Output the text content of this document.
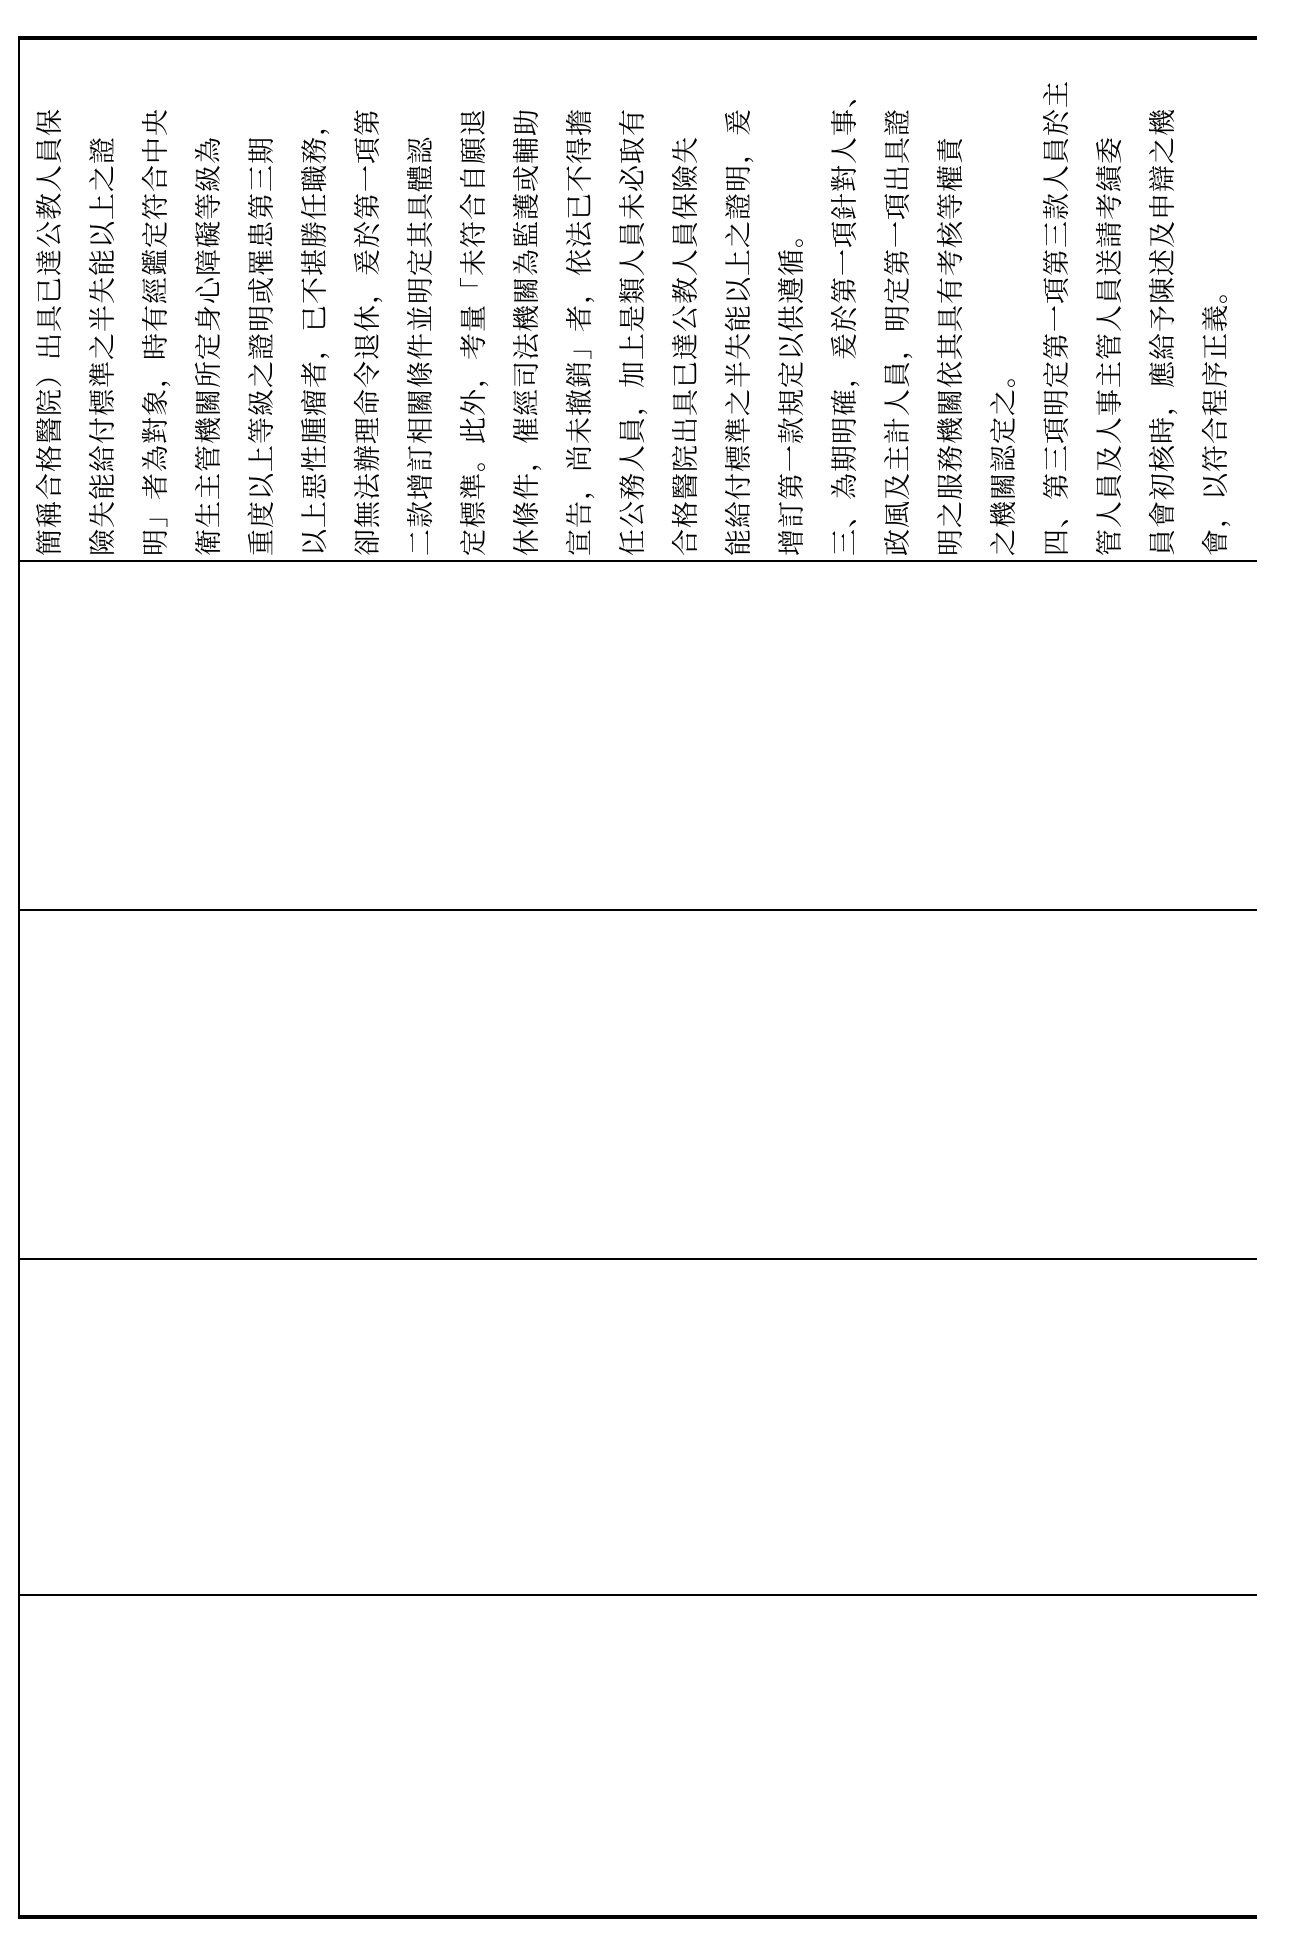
簡稱合格醫院）出具已達公教人員保 險失能給付標準之半失能以上之證 明」者為對象，時有經鑑定符合中央 衛生主管機關所定身心障礙等級為 重度以上等級之證明或罹患第三期 以上惡性腫瘤者，已不堪勝任職務， 卻無法辦理命令退休，爰於第一項第 二款增訂相關條件並明定其具體認 定標準。此外，考量「未符合自願退 休條件，催經司法機關為監護或輔助 宣告，尚未撤銷」者，依法已不得擔 任公務人員，加上是類人員未必取有 合格醫院出具已達公教人員保險失 能給付標準之半失能以上之證明，爰 增訂第一款規定以供遵循。 三、為期明確，爰於第一項針對人事、 政風及主計人員，明定第一項出具證 明之服務機關依其具有考核等權責 之機關認定之。 四、第三項明定第一項第三款人員於主 管人員及人事主管人員送請考績委 員會初核時，應給予陳述及申辯之機 會，以符合程序正義。
